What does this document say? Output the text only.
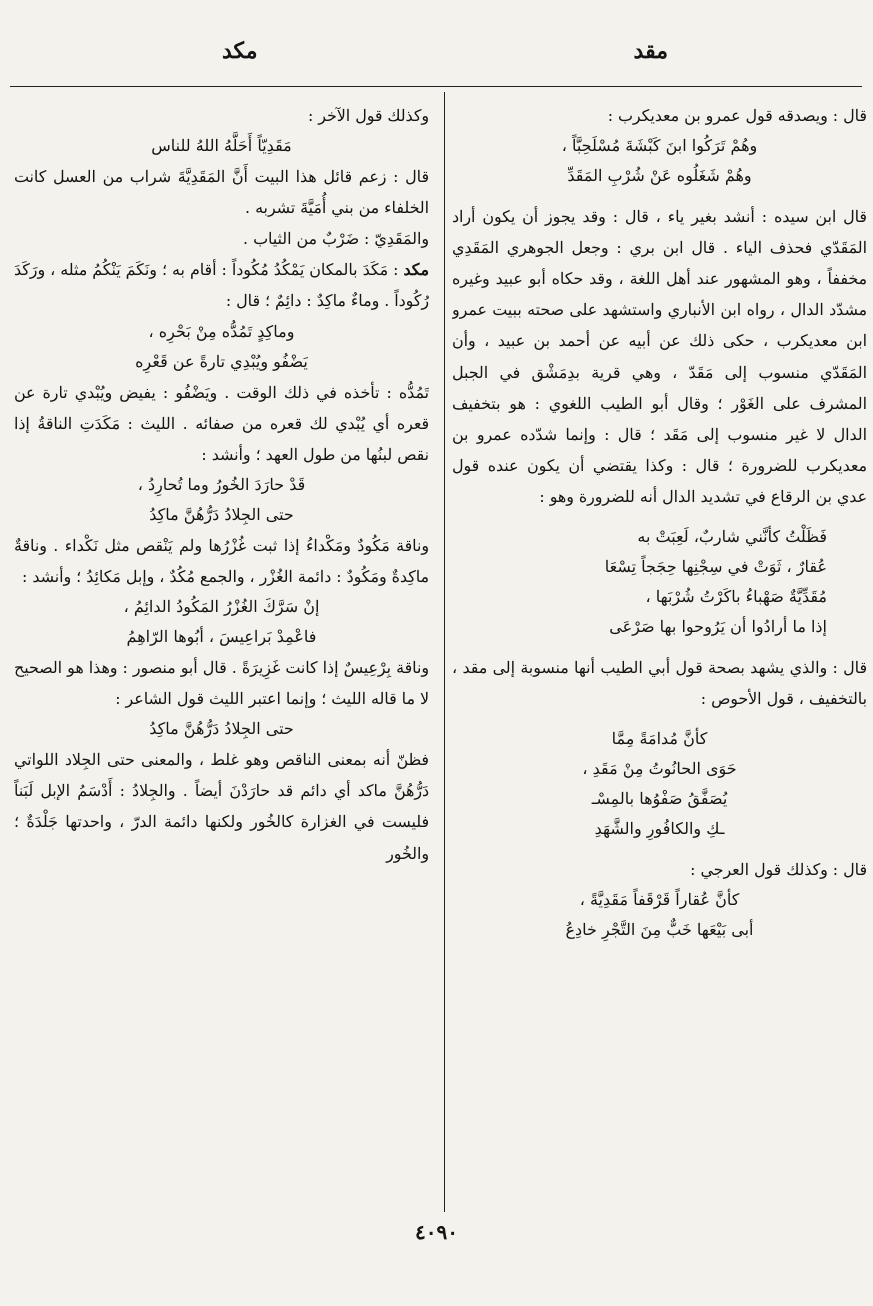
مكد	مقد

قال : ويصدقه قول عمرو بن معديكرب :

وهُمْ تَرَكُوا ابنَ كَبْشَةَ مُسْلَحِبَّاً ،

وهُمْ شَغَلُوه عَنْ شُرْبِ المَقَدِّ

قال ابن سيده : أنشد بغير ياء ، قال : وقد يجوز أن يكون أراد المَقَدّي فحذف الياء . قال ابن بري : وجعل الجوهري المَقَدِي مخففاً ، وهو المشهور عند أهل اللغة ، وقد حكاه أبو عبيد وغيره مشدّد الدال ، رواه ابن الأنباري واستشهد على صحته ببيت عمرو ابن معديكرب ، حكى ذلك عن أبيه عن أحمد بن عبيد ، وأن المَقَدّي منسوب إلى مَقَدّ ، وهي قرية بدِمَشْق في الجبل المشرف على الغَوْر ؛ وقال أبو الطيب اللغوي : هو بتخفيف الدال لا غير منسوب إلى مَقَد ؛ قال : وإنما شدّده عمرو بن معديكرب للضرورة ؛ قال : وكذا يقتضي أن يكون عنده قول عدي بن الرقاع في تشديد الدال أنه للضرورة وهو :

فَظَلْتُ كأنَّني شاربٌ، لَعِبَتْ به

عُقارٌ ، ثَوَتْ في سِجْنِها حِجَجاً تِسْعَا

مُقَدِّيَّةٌ صَهْباءُ باكَرْتُ شُرْبَها ،

إذا ما أرادُوا أن يَرُوحوا بها صَرْعَى

قال : والذي يشهد بصحة قول أبي الطيب أنها منسوبة إلى مقد ، بالتخفيف ، قول الأحوص :

كأنَّ مُدامَةً مِمَّا

حَوَى الحانُوتُ مِنْ مَقَدِ ،

يُصَفَّقُ صَفْوُها بالمِسْـ

ـكِ والكافُورِ والشَّهَدِ

قال : وكذلك قول العرجي :

كأنَّ عُقاراً قَرْقَفاً مَقَدِيَّةً ،

أبى بَيْعَها خَبٌّ مِنَ التَّجْرِ خادِعُ

وكذلك قول الآخر :

مَقَدِيّاً أَحَلَّهُ اللهُ للناس

قال : زعم قائل هذا البيت أَنَّ المَقَدِيَّةَ شراب من العسل كانت الخلفاء من بني أُمَيَّةَ تشربه .

والمَقَدِيّ : ضَرْبٌ من الثياب .

مكد : مَكَدَ بالمكان يَمْكُدُ مُكُوداً : أقام به ؛ ونَكَمَ يَنْكُمُ مثله ، ورَكَدَ رُكُوداً . وماءٌ ماكِدٌ : دائِمٌ ؛ قال :

وماكِدٍ تَمُدُّه مِنْ بَحْرِه ،

يَضْفُو ويُبْدِي تارةً عن قَعْرِه

تَمُدُّه : تأخذه في ذلك الوقت . ويَضْفُو : يفيض ويُبْدي تارة عن قعره أي يُبْدي لك قعره من صفائه . الليث : مَكَدَتِ الناقةُ إذا نقص لبنُها من طول العهد ؛ وأنشد :

قَدْ حارَدَ الخُورُ وما تُحارِدُ ،

حتى الجِلادُ دَرُّهُنَّ ماكِدُ

وناقة مَكُودٌ ومَكْداءُ إذا ثبت غُزْرُها ولم يَنْقص مثل نَكْداء . وناقةٌ ماكِدةٌ ومَكُودٌ : دائمة الغُزْر ، والجمع مُكُدٌ ، وإبل مَكائِدُ ؛ وأنشد :

إنْ سَرَّكَ الغُزْرُ المَكُودُ الدائِمُ ،

فاعْمِدْ بَراعِيسَ ، أبُوها الرّاهِمُ

وناقة بِرْعِيسٌ إذا كانت غَزِيرَةً . قال أبو منصور : وهذا هو الصحيح لا ما قاله الليث ؛ وإنما اعتبر الليث قول الشاعر :

حتى الجِلادُ دَرُّهُنَّ ماكِدُ

فظنّ أنه بمعنى الناقص وهو غلط ، والمعنى حتى الجِلاد اللواتي دَرُّهُنَّ ماكد أي دائم قد حارَدْنَ أيضاً . والجِلادُ : أَدْسَمُ الإبل لَبَناً فليست في الغزارة كالخُور ولكنها دائمة الدرّ ، واحدتها جَلْدَةٌ ؛ والخُور

٤٠٩٠
